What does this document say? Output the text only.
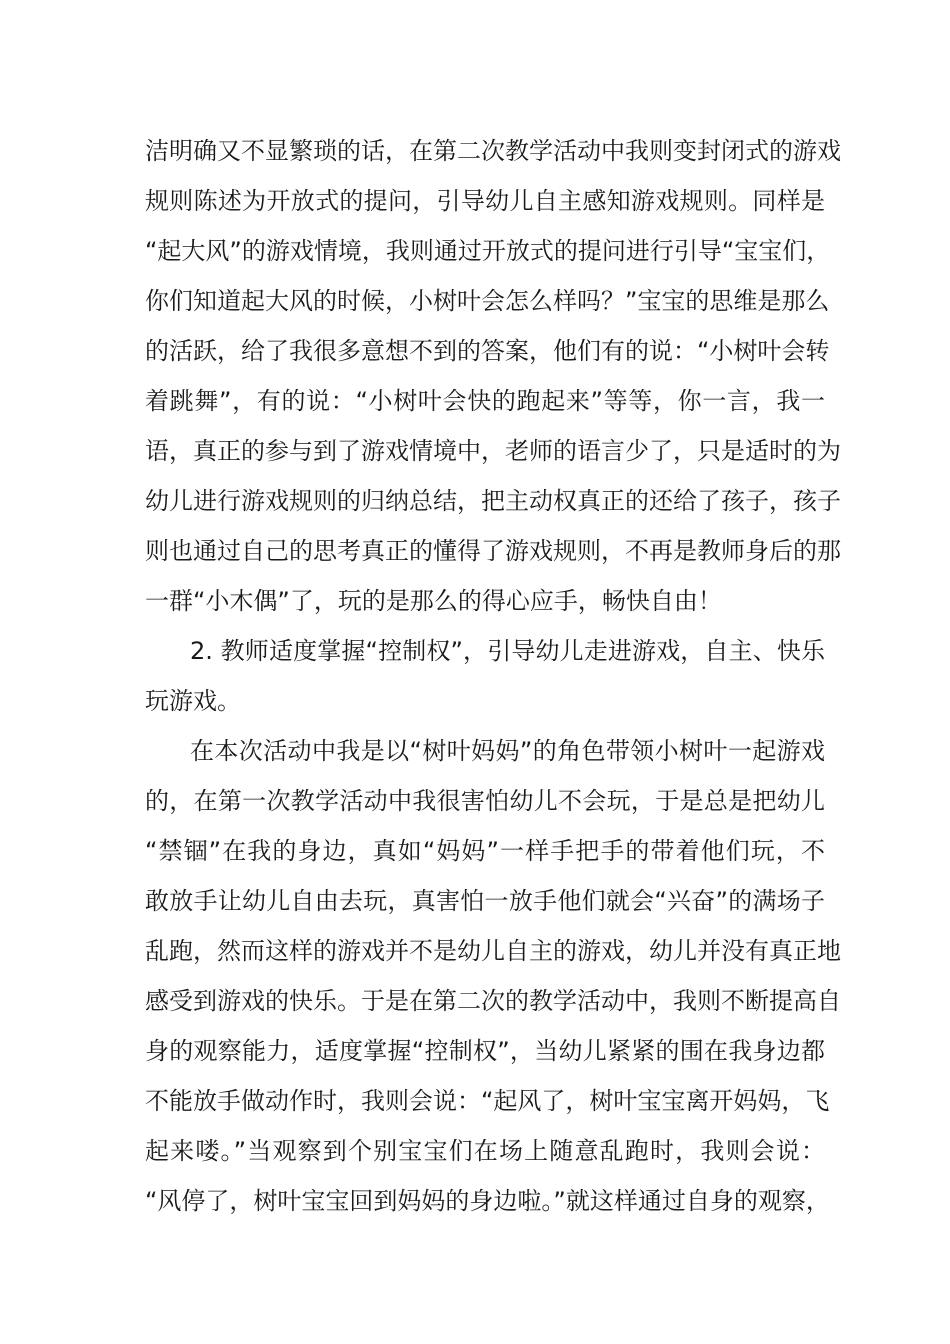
洁明确又不显繁琐的话，在第二次教学活动中我则变封闭式的游戏
规则陈述为开放式的提问，引导幼儿自主感知游戏规则。同样是
“起大风”的游戏情境，我则通过开放式的提问进行引导“宝宝们，
你们知道起大风的时候，小树叶会怎么样吗？”宝宝的思维是那么
的活跃，给了我很多意想不到的答案，他们有的说：“小树叶会转
着跳舞”，有的说：“小树叶会快的跑起来”等等，你一言，我一
语，真正的参与到了游戏情境中，老师的语言少了，只是适时的为
幼儿进行游戏规则的归纳总结，把主动权真正的还给了孩子，孩子
则也通过自己的思考真正的懂得了游戏规则，不再是教师身后的那
一群“小木偶”了，玩的是那么的得心应手，畅快自由！
2. 教师适度掌握“控制权”，引导幼儿走进游戏，自主、快乐
玩游戏。
在本次活动中我是以“树叶妈妈”的角色带领小树叶一起游戏
的，在第一次教学活动中我很害怕幼儿不会玩，于是总是把幼儿
“禁锢”在我的身边，真如“妈妈”一样手把手的带着他们玩，不
敢放手让幼儿自由去玩，真害怕一放手他们就会“兴奋”的满场子
乱跑，然而这样的游戏并不是幼儿自主的游戏，幼儿并没有真正地
感受到游戏的快乐。于是在第二次的教学活动中，我则不断提高自
身的观察能力，适度掌握“控制权”，当幼儿紧紧的围在我身边都
不能放手做动作时，我则会说：“起风了，树叶宝宝离开妈妈，飞
起来喽。”当观察到个别宝宝们在场上随意乱跑时，我则会说：
“风停了，树叶宝宝回到妈妈的身边啦。”就这样通过自身的观察，
